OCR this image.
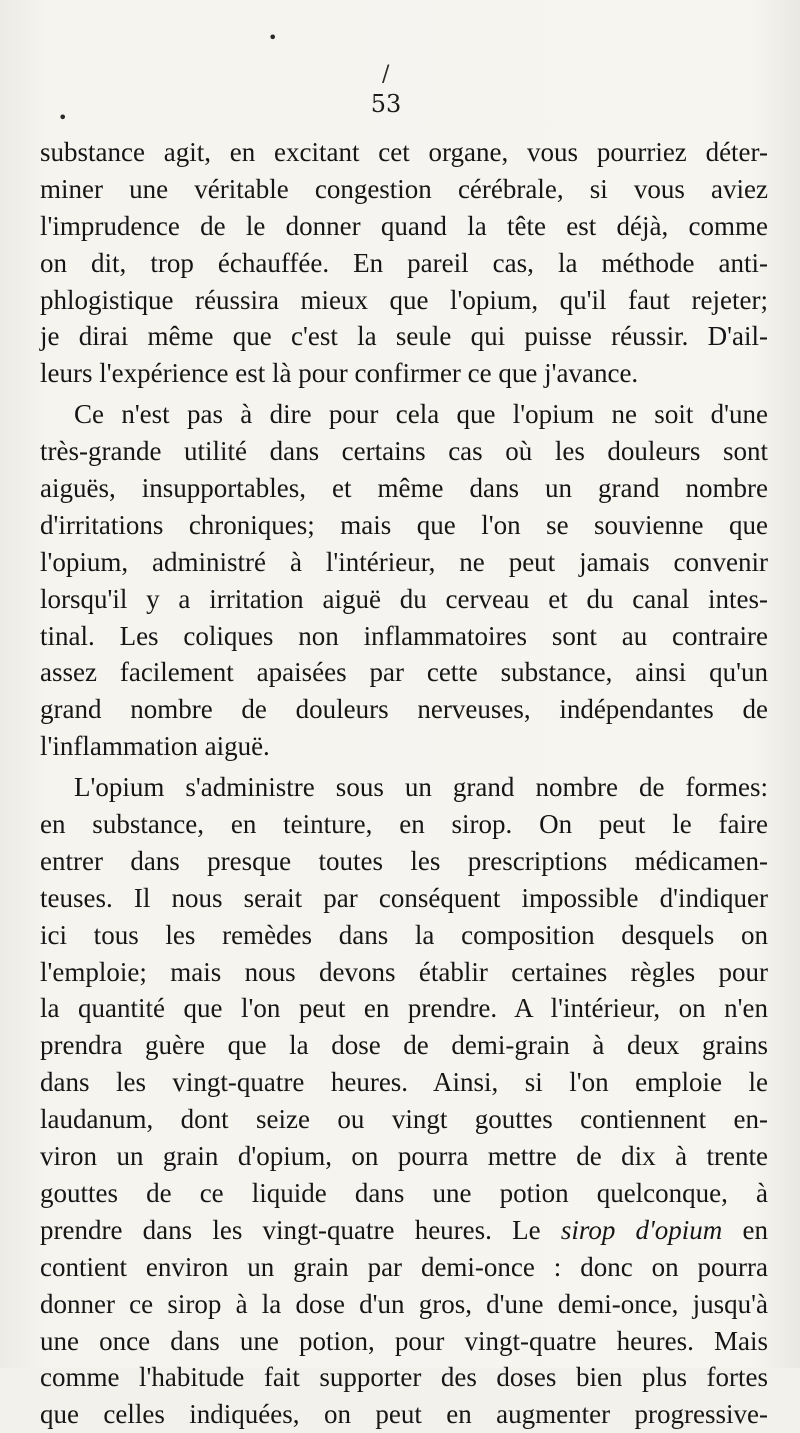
/
•
•	53
substance agit, en excitant cet organe, vous pourriez déter-
miner une véritable congestion cérébrale, si vous aviez
l'imprudence de le donner quand la tête est déjà, comme
on dit, trop échauffée. En pareil cas, la méthode anti-
phlogistique réussira mieux que l'opium, qu'il faut rejeter;
je dirai même que c'est la seule qui puisse réussir. D'ail-
leurs l'expérience est là pour confirmer ce que j'avance.
Ce n'est pas à dire pour cela que l'opium ne soit d'une
très-grande utilité dans certains cas où les douleurs sont
aiguës, insupportables, et même dans un grand nombre
d'irritations chroniques; mais que l'on se souvienne que
l'opium, administré à l'intérieur, ne peut jamais convenir
lorsqu'il y a irritation aiguë du cerveau et du canal intes-
tinal. Les coliques non inflammatoires sont au contraire
assez facilement apaisées par cette substance, ainsi qu'un
grand nombre de douleurs nerveuses, indépendantes de
l'inflammation aiguë.
L'opium s'administre sous un grand nombre de formes:
en substance, en teinture, en sirop. On peut le faire
entrer dans presque toutes les prescriptions médicamen-
teuses. Il nous serait par conséquent impossible d'indiquer
ici tous les remèdes dans la composition desquels on
l'emploie; mais nous devons établir certaines règles pour
la quantité que l'on peut en prendre. A l'intérieur, on n'en
prendra guère que la dose de demi-grain à deux grains
dans les vingt-quatre heures. Ainsi, si l'on emploie le
laudanum, dont seize ou vingt gouttes contiennent en-
viron un grain d'opium, on pourra mettre de dix à trente
gouttes de ce liquide dans une potion quelconque, à
prendre dans les vingt-quatre heures. Le sirop d'opium en
contient environ un grain par demi-once : donc on pourra
donner ce sirop à la dose d'un gros, d'une demi-once, jusqu'à
une once dans une potion, pour vingt-quatre heures. Mais
comme l'habitude fait supporter des doses bien plus fortes
que celles indiquées, on peut en augmenter progressive-
